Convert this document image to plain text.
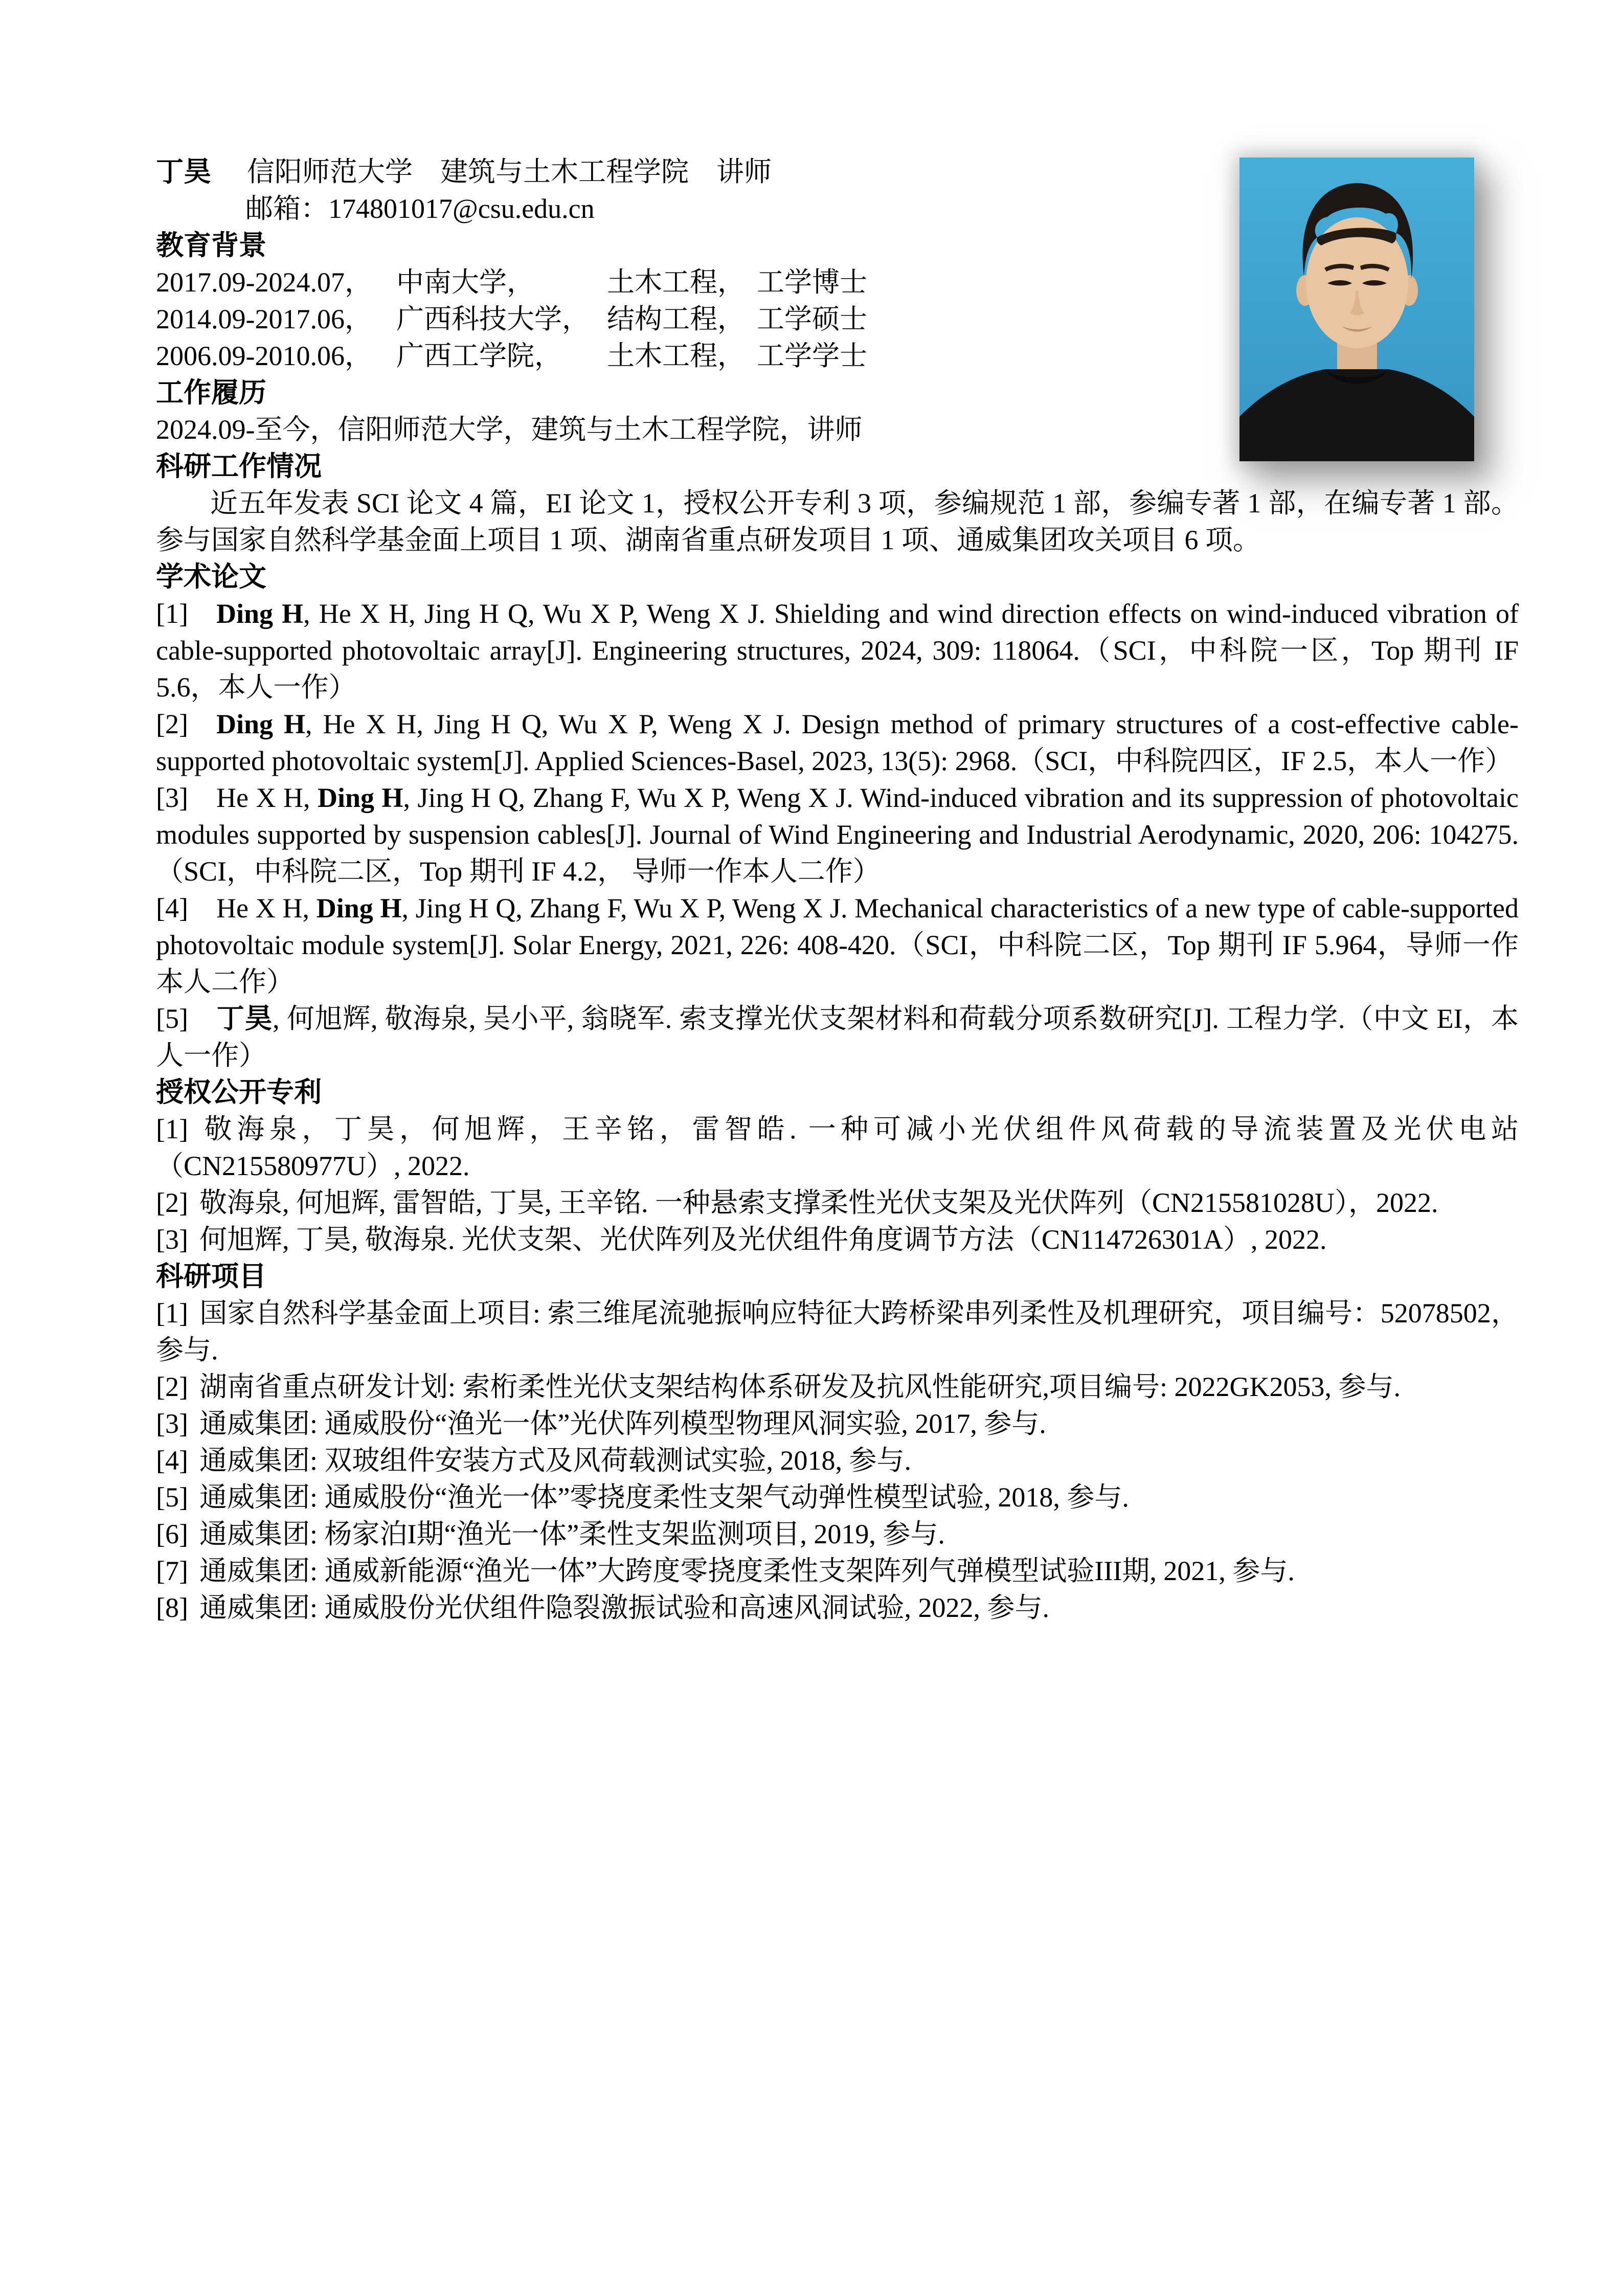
丁昊 信阳师范大学　建筑与土木工程学院　讲师

邮箱：174801017@csu.edu.cn

教育背景

2017.09-2024.07， 中南大学，	土木工程， 工学博士
2014.09-2017.06， 广西科技大学， 结构工程， 工学硕士
2006.09-2010.06， 广西工学院，	土木工程， 工学学士

工作履历

2024.09-至今，信阳师范大学，建筑与土木工程学院，讲师

科研工作情况

近五年发表 SCI 论文 4 篇，EI 论文 1，授权公开专利 3 项，参编规范 1 部，参编专著 1 部，在编专著 1 部。参与国家自然科学基金面上项目 1 项、湖南省重点研发项目 1 项、通威集团攻关项目 6 项。

学术论文

[1] Ding H, He X H, Jing H Q, Wu X P, Weng X J. Shielding and wind direction effects on wind-induced vibration of cable-supported photovoltaic array[J]. Engineering structures, 2024, 309: 118064.（SCI，中科院一区，Top 期刊 IF 5.6，本人一作）

[2] Ding H, He X H, Jing H Q, Wu X P, Weng X J. Design method of primary structures of a cost-effective cable-supported photovoltaic system[J]. Applied Sciences-Basel, 2023, 13(5): 2968.（SCI，中科院四区，IF 2.5，本人一作）

[3] He X H, Ding H, Jing H Q, Zhang F, Wu X P, Weng X J. Wind-induced vibration and its suppression of photovoltaic modules supported by suspension cables[J]. Journal of Wind Engineering and Industrial Aerodynamic, 2020, 206: 104275.（SCI，中科院二区，Top 期刊 IF 4.2， 导师一作本人二作）

[4] He X H, Ding H, Jing H Q, Zhang F, Wu X P, Weng X J. Mechanical characteristics of a new type of cable-supported photovoltaic module system[J]. Solar Energy, 2021, 226: 408-420.（SCI，中科院二区，Top 期刊 IF 5.964，导师一作本人二作）

[5] 丁昊, 何旭辉, 敬海泉, 吴小平, 翁晓军. 索支撑光伏支架材料和荷载分项系数研究[J]. 工程力学.（中文 EI，本人一作）

授权公开专利

[1] 敬海泉，丁昊，何旭辉，王辛铭，雷智皓. 一种可减小光伏组件风荷载的导流装置及光伏电站（CN215580977U）, 2022.

[2] 敬海泉, 何旭辉, 雷智皓, 丁昊, 王辛铭. 一种悬索支撑柔性光伏支架及光伏阵列（CN215581028U），2022.

[3] 何旭辉, 丁昊, 敬海泉. 光伏支架、光伏阵列及光伏组件角度调节方法（CN114726301A）, 2022.

科研项目

[1] 国家自然科学基金面上项目: 索三维尾流驰振响应特征大跨桥梁串列柔性及机理研究，项目编号：52078502，参与.

[2] 湖南省重点研发计划: 索桁柔性光伏支架结构体系研发及抗风性能研究,项目编号: 2022GK2053, 参与.

[3] 通威集团: 通威股份“渔光一体”光伏阵列模型物理风洞实验, 2017, 参与.

[4] 通威集团: 双玻组件安装方式及风荷载测试实验, 2018, 参与.

[5] 通威集团: 通威股份“渔光一体”零挠度柔性支架气动弹性模型试验, 2018, 参与.

[6] 通威集团: 杨家泊I期“渔光一体”柔性支架监测项目, 2019, 参与.

[7] 通威集团: 通威新能源“渔光一体”大跨度零挠度柔性支架阵列气弹模型试验III期, 2021, 参与.

[8] 通威集团: 通威股份光伏组件隐裂激振试验和高速风洞试验, 2022, 参与.
